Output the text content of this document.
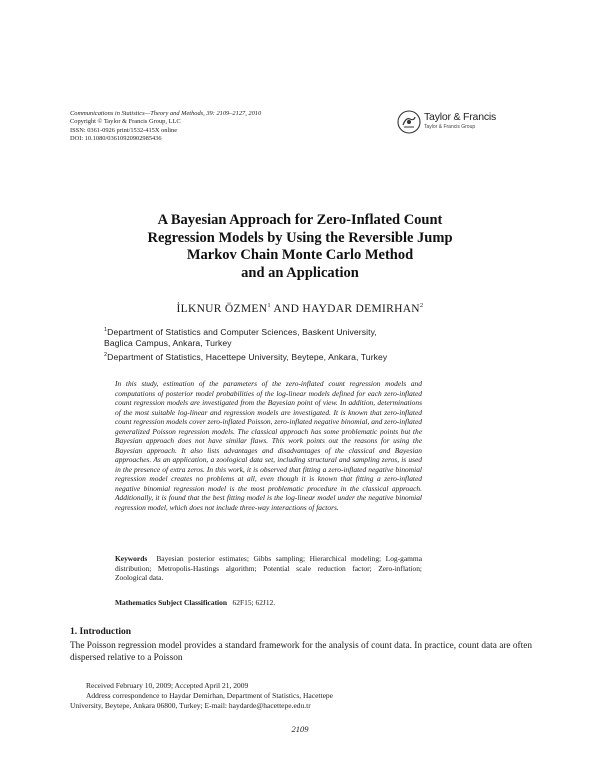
Communications in Statistics—Theory and Methods, 39: 2109–2127, 2010
Copyright © Taylor & Francis Group, LLC
ISSN: 0361-0926 print/1532-415X online
DOI: 10.1080/03610920902985436
Taylor & Francis
Taylor & Francis Group
A Bayesian Approach for Zero-Inflated Count
Regression Models by Using the Reversible Jump
Markov Chain Monte Carlo Method
and an Application
İLKNUR ÖZMEN$^1$ AND HAYDAR DEMIRHAN$^2$
$^1$Department of Statistics and Computer Sciences, Baskent University,
Baglica Campus, Ankara, Turkey
$^2$Department of Statistics, Hacettepe University, Beytepe, Ankara, Turkey
In this study, estimation of the parameters of the zero-inflated count regression models and computations of posterior model probabilities of the log-linear models defined for each zero-inflated count regression models are investigated from the Bayesian point of view. In addition, determinations of the most suitable log-linear and regression models are investigated. It is known that zero-inflated count regression models cover zero-inflated Poisson, zero-inflated negative binomial, and zero-inflated generalized Poisson regression models. The classical approach has some problematic points but the Bayesian approach does not have similar flaws. This work points out the reasons for using the Bayesian approach. It also lists advantages and disadvantages of the classical and Bayesian approaches. As an application, a zoological data set, including structural and sampling zeros, is used in the presence of extra zeros. In this work, it is observed that fitting a zero-inflated negative binomial regression model creates no problems at all, even though it is known that fitting a zero-inflated negative binomial regression model is the most problematic procedure in the classical approach. Additionally, it is found that the best fitting model is the log-linear model under the negative binomial regression model, which does not include three-way interactions of factors.
Keywords Bayesian posterior estimates; Gibbs sampling; Hierarchical modeling; Log-gamma distribution; Metropolis-Hastings algorithm; Potential scale reduction factor; Zero-inflation; Zoological data.
Mathematics Subject Classification 62F15; 62J12.
1. Introduction
The Poisson regression model provides a standard framework for the analysis of count data. In practice, count data are often dispersed relative to a Poisson
Received February 10, 2009; Accepted April 21, 2009
Address correspondence to Haydar Demirhan, Department of Statistics, Hacettepe
University, Beytepe, Ankara 06800, Turkey; E-mail: haydarde@hacettepe.edu.tr
2109
